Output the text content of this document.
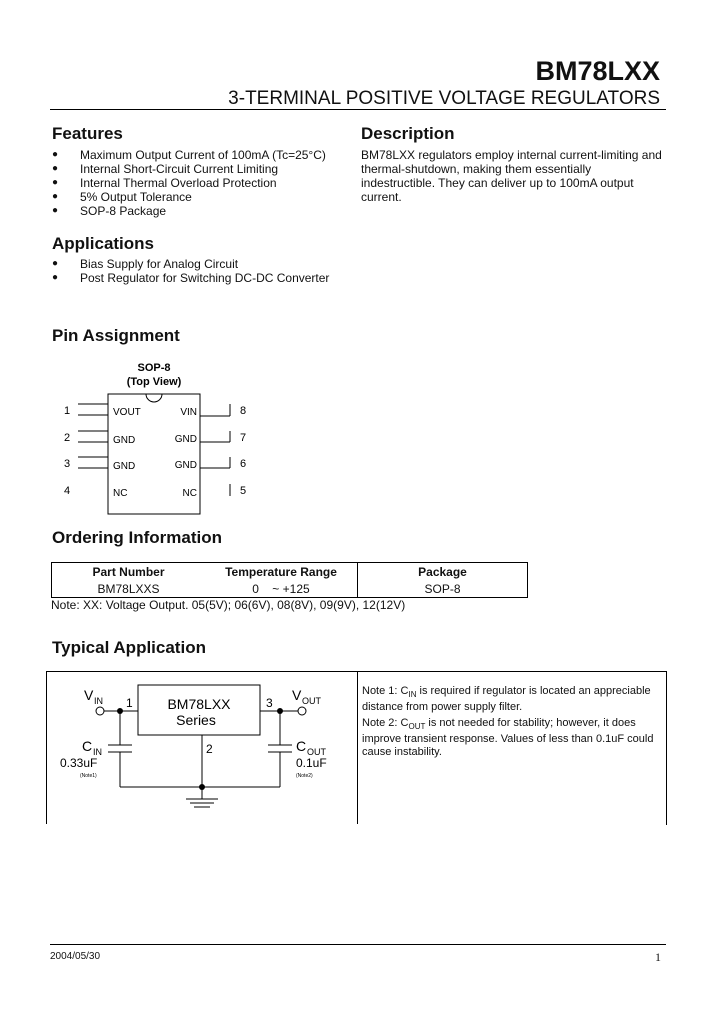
BM78LXX
3-TERMINAL POSITIVE VOLTAGE REGULATORS
Features
●	Maximum Output Current of 100mA (Tc=25°C)
●	Internal Short-Circuit Current Limiting
●	Internal Thermal Overload Protection
●	5% Output Tolerance
●	SOP-8 Package
Description
BM78LXX regulators employ internal current-limiting and
thermal-shutdown, making them essentially
indestructible. They can deliver up to 100mA output
current.
Applications
●	Bias Supply for Analog Circuit
●	Post Regulator for Switching DC-DC Converter
Pin Assignment
SOP-8
(Top View)
1
2
3
4
VOUT
GND
GND
NC
VIN
GND
GND
NC
8
7
6
5
Ordering Information
Part Number	Temperature Range	Package
BM78LXXS	0    ~ +125	SOP-8
Note: XX: Voltage Output. 05(5V); 06(6V), 08(8V), 09(9V), 12(12V)
Typical Application
BM78LXX
Series
V IN 1
C IN
0.33uF
(Note1)
3 V OUT
C OUT
0.1uF
(Note2)
2
Note 1: $C_{IN}$ is required if regulator is located an appreciable
distance from power supply filter.
Note 2: $C_{OUT}$ is not needed for stability; however, it does
improve transient response. Values of less than 0.1uF could
cause instability.
2004/05/30	1
